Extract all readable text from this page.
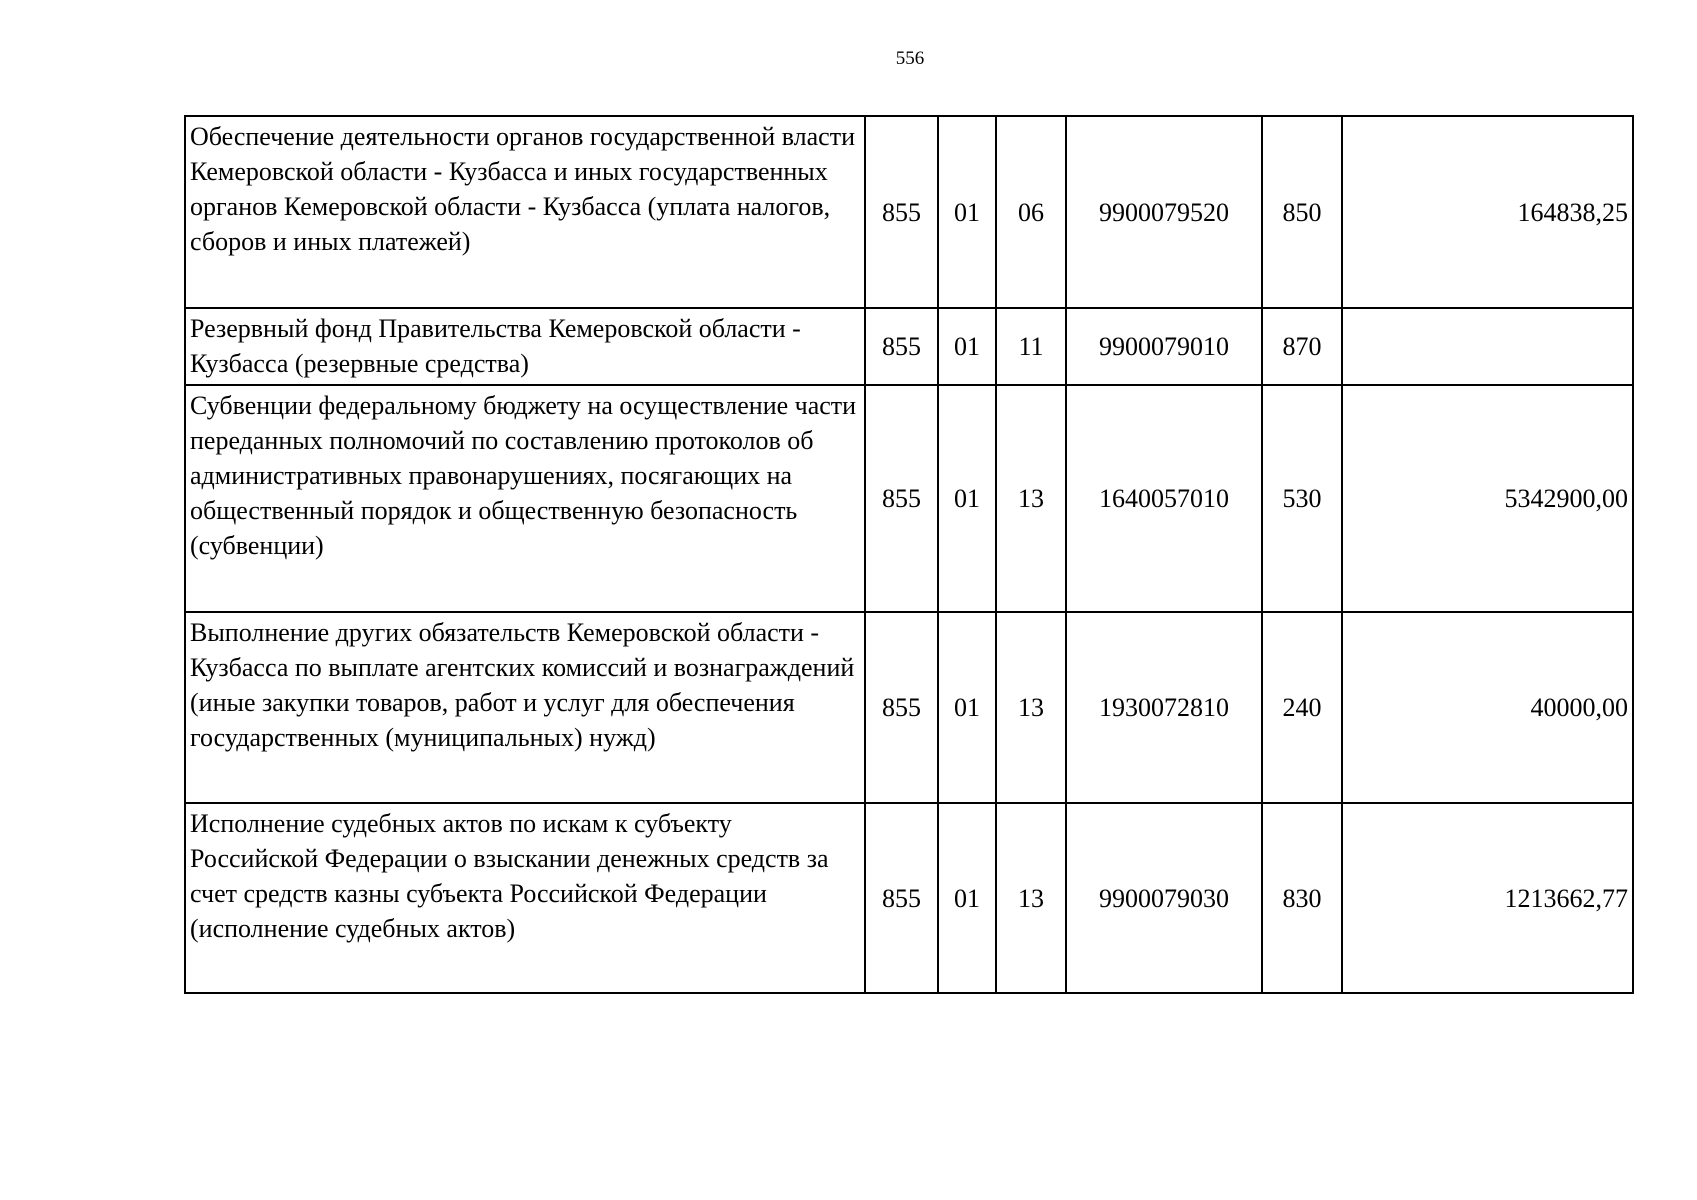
556
Обеспечение деятельности органов государственной власти Кемеровской области - Кузбасса и иных государственных органов Кемеровской области - Кузбасса (уплата налогов, сборов и иных платежей)	855	01	06	9900079520	850	164838,25
Резервный фонд Правительства Кемеровской области - Кузбасса (резервные средства)	855	01	11	9900079010	870	
Субвенции федеральному бюджету на осуществление части переданных полномочий по составлению протоколов об административных правонарушениях, посягающих на общественный порядок и общественную безопасность (субвенции)	855	01	13	1640057010	530	5342900,00
Выполнение других обязательств Кемеровской области - Кузбасса по выплате агентских комиссий и вознаграждений (иные закупки товаров, работ и услуг для обеспечения государственных (муниципальных) нужд)	855	01	13	1930072810	240	40000,00
Исполнение судебных актов по искам к субъекту Российской Федерации о взыскании денежных средств за счет средств казны субъекта Российской Федерации (исполнение судебных актов)	855	01	13	9900079030	830	1213662,77
